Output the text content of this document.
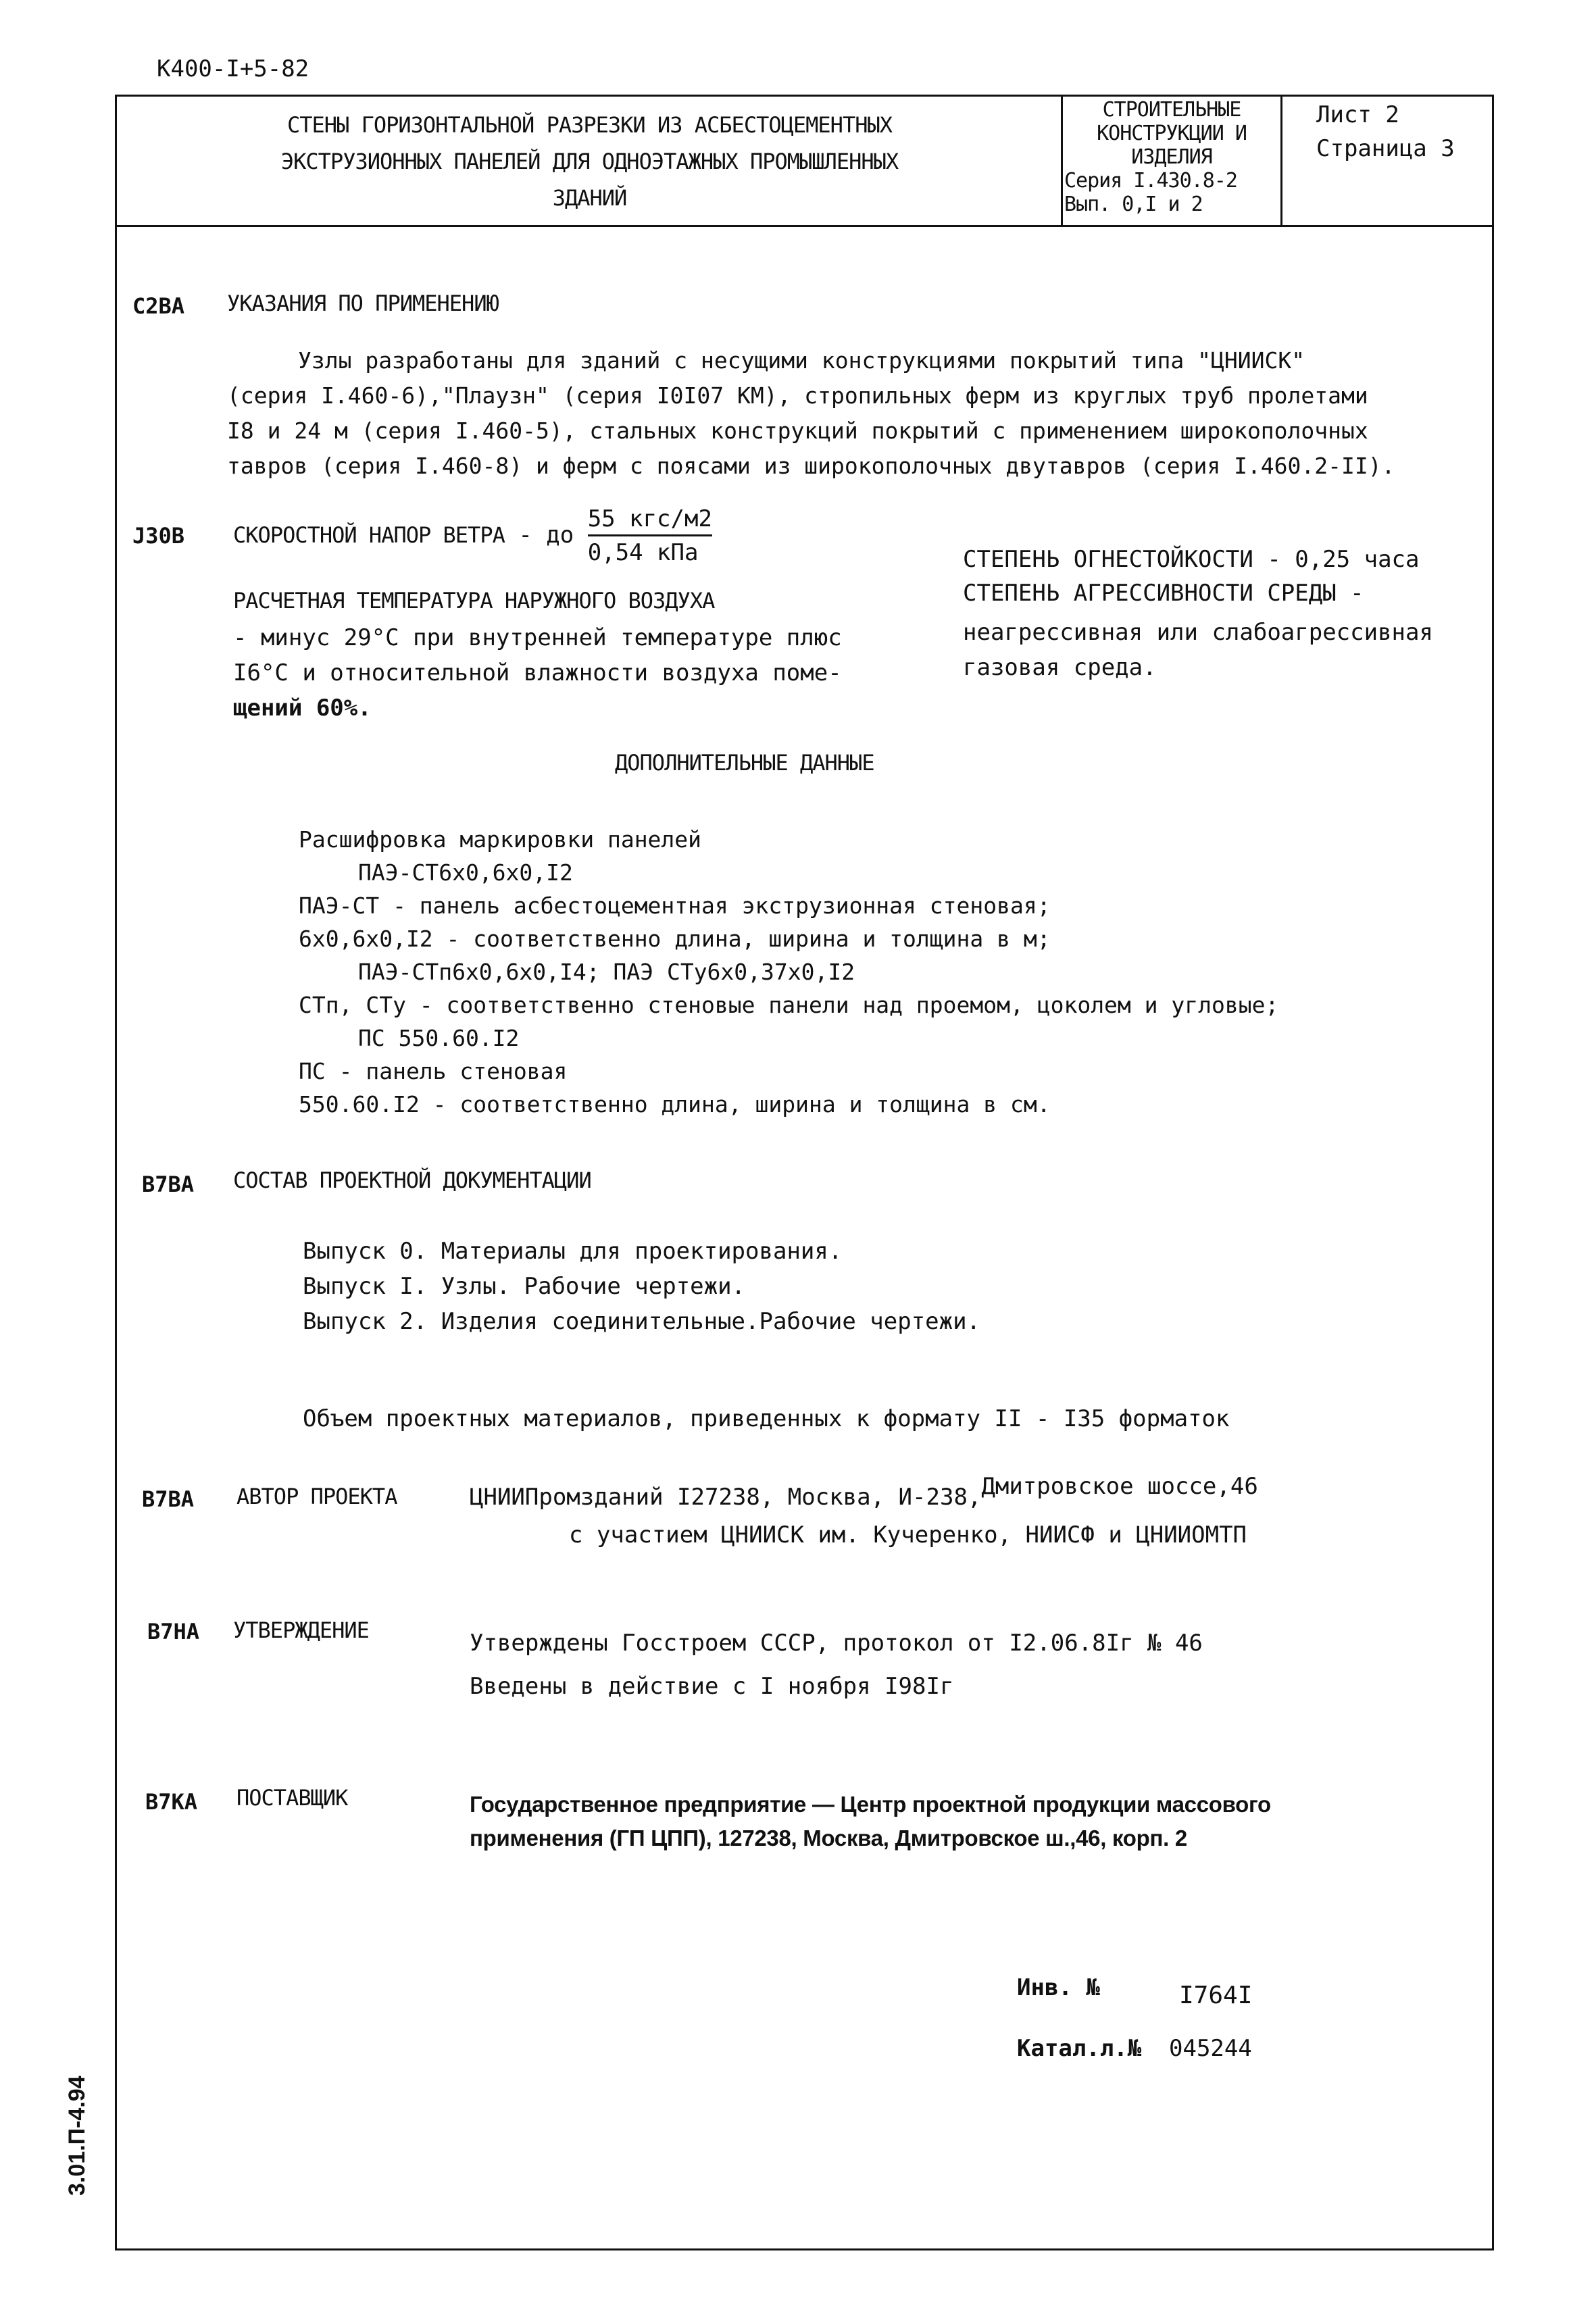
К400-I+5-82
СТЕНЫ ГОРИЗОНТАЛЬНОЙ РАЗРЕЗКИ ИЗ АСБЕСТОЦЕМЕНТНЫХ
ЭКСТРУЗИОННЫХ ПАНЕЛЕЙ ДЛЯ ОДНОЭТАЖНЫХ ПРОМЫШЛЕННЫХ
ЗДАНИЙ
СТРОИТЕЛЬНЫЕ
КОНСТРУКЦИИ И
ИЗДЕЛИЯ
Серия I.430.8-2
Вып. 0,I и 2
Лист 2
Страница 3
С2ВА УКАЗАНИЯ ПО ПРИМЕНЕНИЮ
Узлы разработаны для зданий с несущими конструкциями покрытий типа "ЦНИИСК"
(серия I.460-6),"Плаузн" (серия I0I07 КМ), стропильных ферм из круглых труб пролетами
I8 и 24 м (серия I.460-5), стальных конструкций покрытий с применением широкополочных
тавров (серия I.460-8) и ферм с поясами из широкополочных двутавров (серия I.460.2-II).
J30В СКОРОСТНОЙ НАПОР ВЕТРА - до $\frac{\text{55 кгс/м2}}{\text{0,54 кПа}}$	СТЕПЕНЬ ОГНЕСТОЙКОСТИ - 0,25 часа
СТЕПЕНЬ АГРЕССИВНОСТИ СРЕДЫ -
неагрессивная или слабоагрессивная
газовая среда.
РАСЧЕТНАЯ ТЕМПЕРАТУРА НАРУЖНОГО ВОЗДУХА
- минус 29°С при внутренней температуре плюс
I6°С и относительной влажности воздуха поме-
щений 60%.
ДОПОЛНИТЕЛЬНЫЕ ДАННЫЕ
Расшифровка маркировки панелей
ПАЭ-СТ6х0,6х0,I2
ПАЭ-СТ - панель асбестоцементная экструзионная стеновая;
6х0,6х0,I2 - соответственно длина, ширина и толщина в м;
ПАЭ-СТп6х0,6х0,I4; ПАЭ СТу6х0,37х0,I2
СТп, СТу - соответственно стеновые панели над проемом, цоколем и угловые;
ПС 550.60.I2
ПС - панель стеновая
550.60.I2 - соответственно длина, ширина и толщина в см.
В7ВА СОСТАВ ПРОЕКТНОЙ ДОКУМЕНТАЦИИ
Выпуск 0. Материалы для проектирования.
Выпуск I. Узлы. Рабочие чертежи.
Выпуск 2. Изделия соединительные.Рабочие чертежи.
Объем проектных материалов, приведенных к формату II - I35 форматок
В7ВА АВТОР ПРОЕКТА	ЦНИИПромзданий I27238, Москва, И-238,Дмитровское шоссе,46
с участием ЦНИИСК им. Кучеренко, НИИСФ и ЦНИИОМТП
В7НА УТВЕРЖДЕНИЕ	Утверждены Госстроем СССР, протокол от I2.06.8Iг № 46
Введены в действие с I ноября I98Iг
В7КА ПОСТАВЩИК	Государственное предприятие — Центр проектной продукции массового
применения (ГП ЦПП), 127238, Москва, Дмитровское ш.,46, корп. 2
Инв. №	I764I
Катал.л.№ 045244
3.01.П-4.94
